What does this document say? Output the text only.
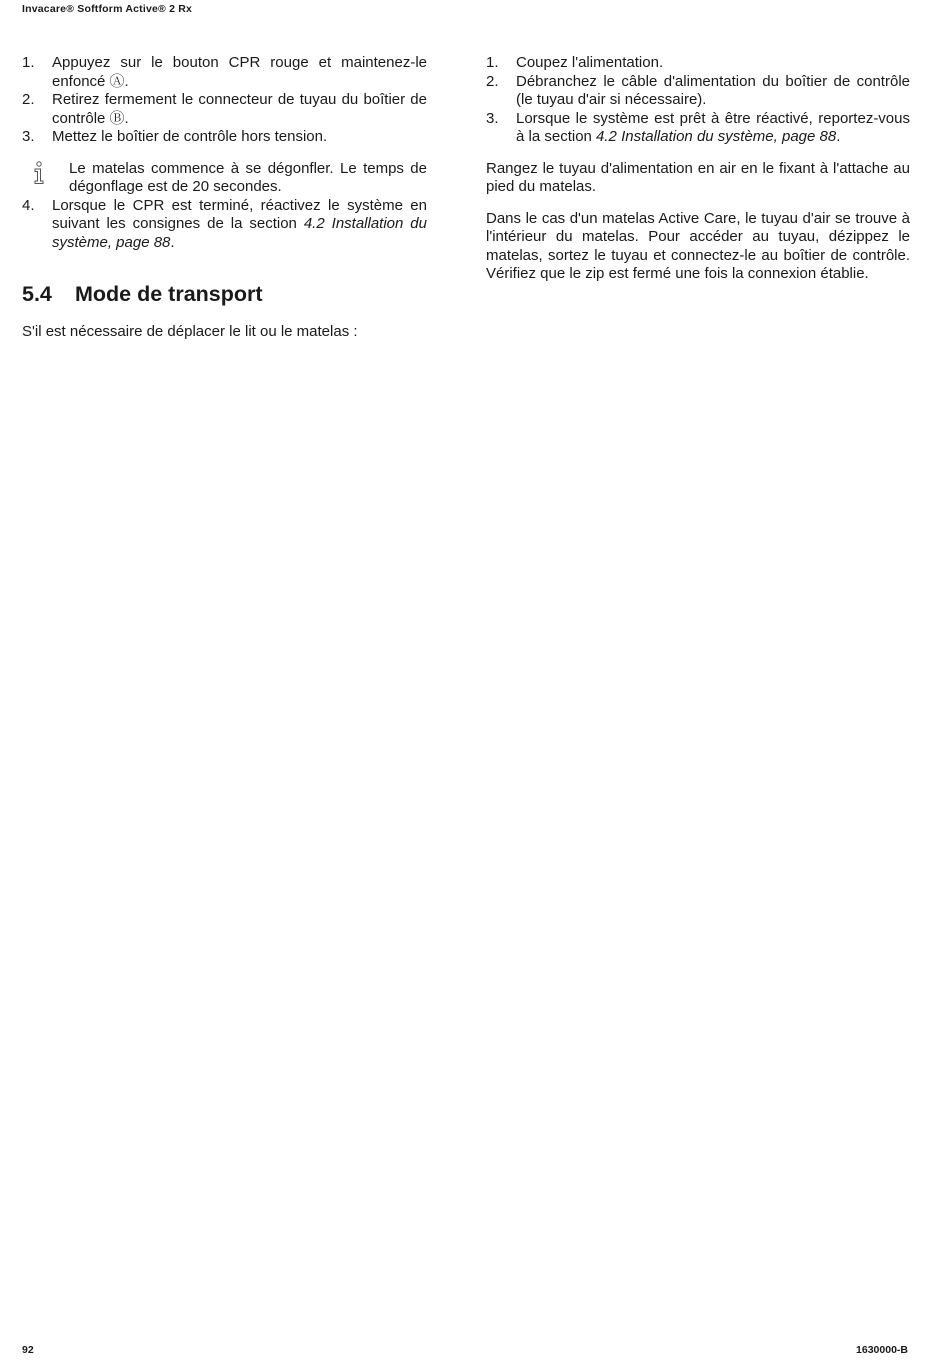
Invacare® Softform Active® 2 Rx
1. Appuyez sur le bouton CPR rouge et maintenez-le enfoncé Ⓐ.
2. Retirez fermement le connecteur de tuyau du boîtier de contrôle Ⓑ.
3. Mettez le boîtier de contrôle hors tension.
Le matelas commence à se dégonfler. Le temps de dégonflage est de 20 secondes.
4. Lorsque le CPR est terminé, réactivez le système en suivant les consignes de la section 4.2 Installation du système, page 88.
5.4	Mode de transport
S'il est nécessaire de déplacer le lit ou le matelas :
1. Coupez l'alimentation.
2. Débranchez le câble d'alimentation du boîtier de contrôle (le tuyau d'air si nécessaire).
3. Lorsque le système est prêt à être réactivé, reportez-vous à la section 4.2 Installation du système, page 88.
Rangez le tuyau d'alimentation en air en le fixant à l'attache au pied du matelas.
Dans le cas d'un matelas Active Care, le tuyau d'air se trouve à l'intérieur du matelas. Pour accéder au tuyau, dézippez le matelas, sortez le tuyau et connectez-le au boîtier de contrôle. Vérifiez que le zip est fermé une fois la connexion établie.
92	1630000-B
